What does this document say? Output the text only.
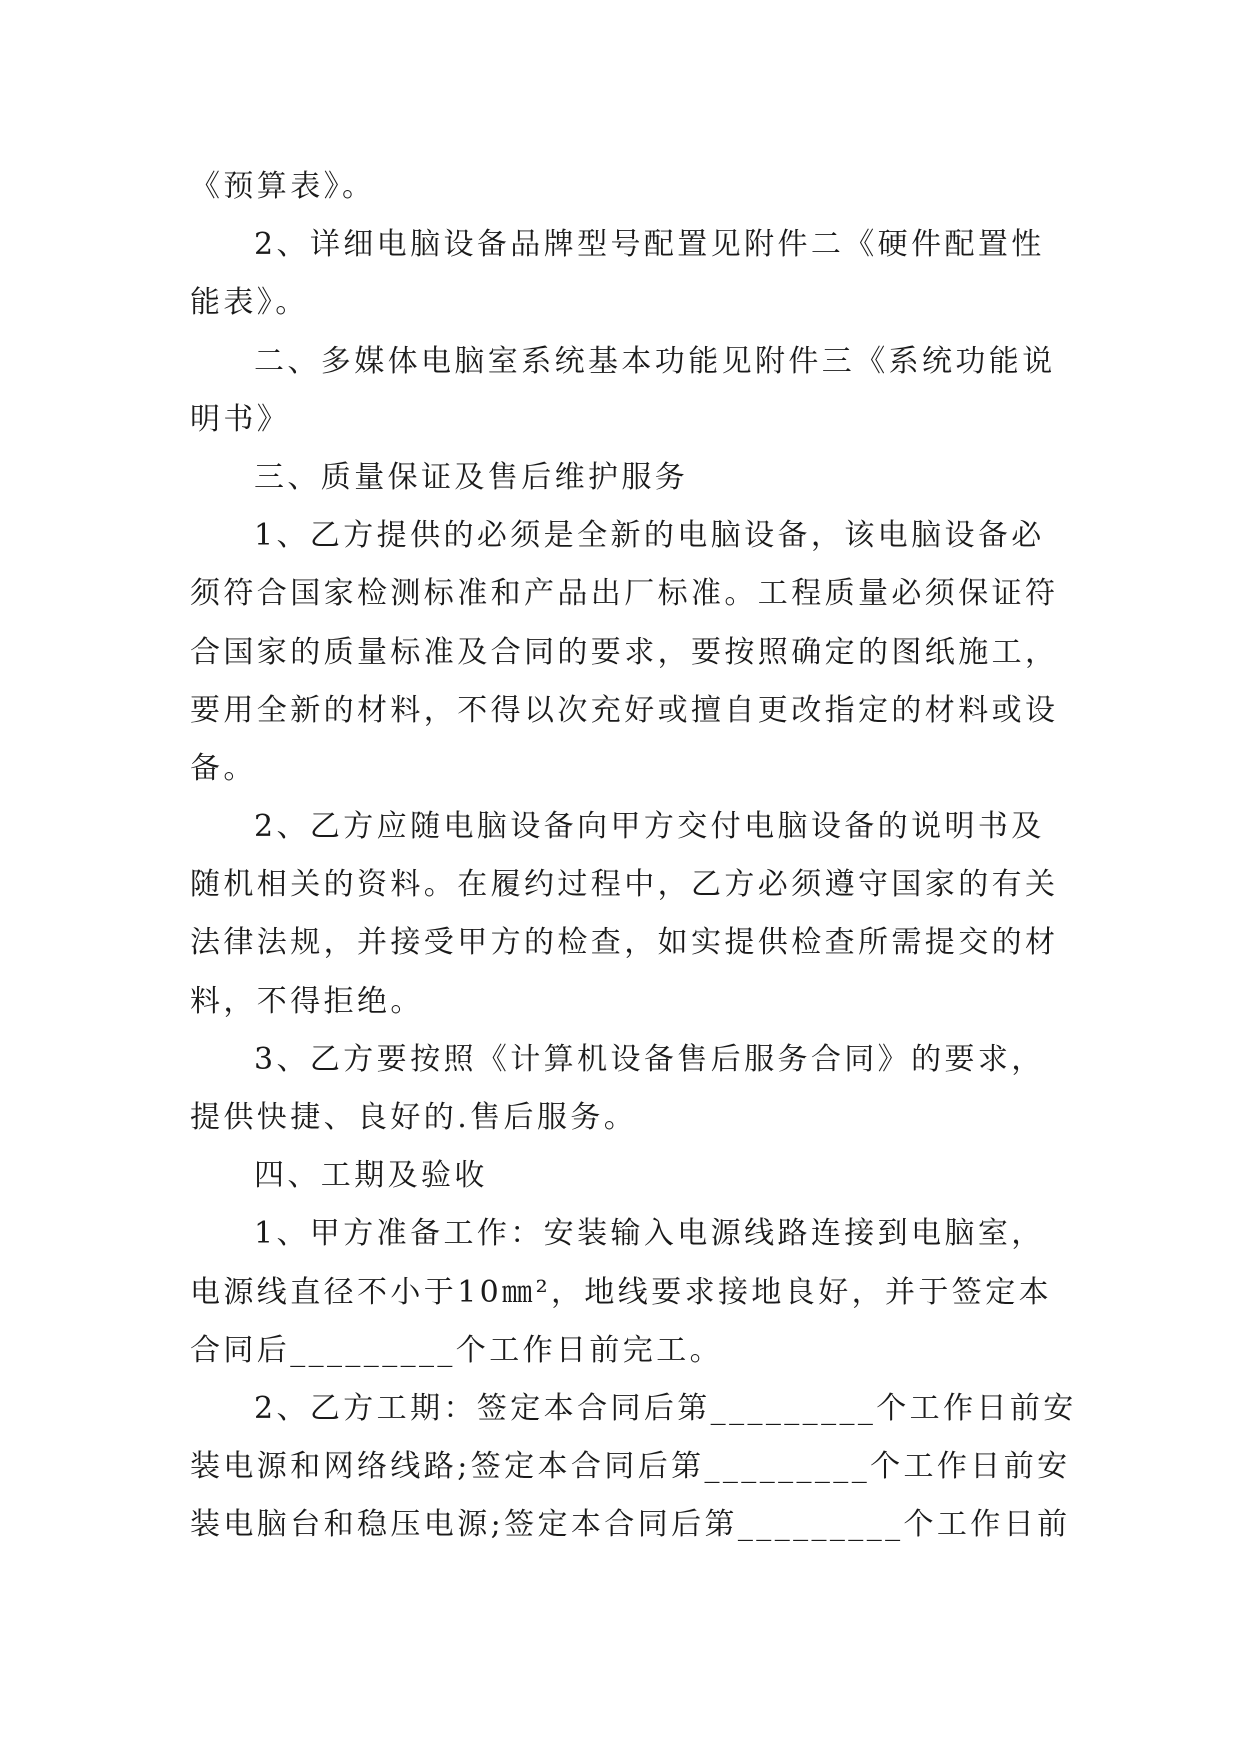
《预算表》。
2、详细电脑设备品牌型号配置见附件二《硬件配置性
能表》。
二、多媒体电脑室系统基本功能见附件三《系统功能说
明书》
三、质量保证及售后维护服务
1、乙方提供的必须是全新的电脑设备，该电脑设备必
须符合国家检测标准和产品出厂标准。工程质量必须保证符
合国家的质量标准及合同的要求，要按照确定的图纸施工，
要用全新的材料，不得以次充好或擅自更改指定的材料或设
备。
2、乙方应随电脑设备向甲方交付电脑设备的说明书及
随机相关的资料。在履约过程中，乙方必须遵守国家的有关
法律法规，并接受甲方的检查，如实提供检查所需提交的材
料，不得拒绝。
3、乙方要按照《计算机设备售后服务合同》的要求，
提供快捷、良好的.售后服务。
四、工期及验收
1、甲方准备工作：安装输入电源线路连接到电脑室，
电源线直径不小于10㎜²，地线要求接地良好，并于签定本
合同后_________个工作日前完工。
2、乙方工期：签定本合同后第_________个工作日前安
装电源和网络线路;签定本合同后第_________个工作日前安
装电脑台和稳压电源;签定本合同后第_________个工作日前
